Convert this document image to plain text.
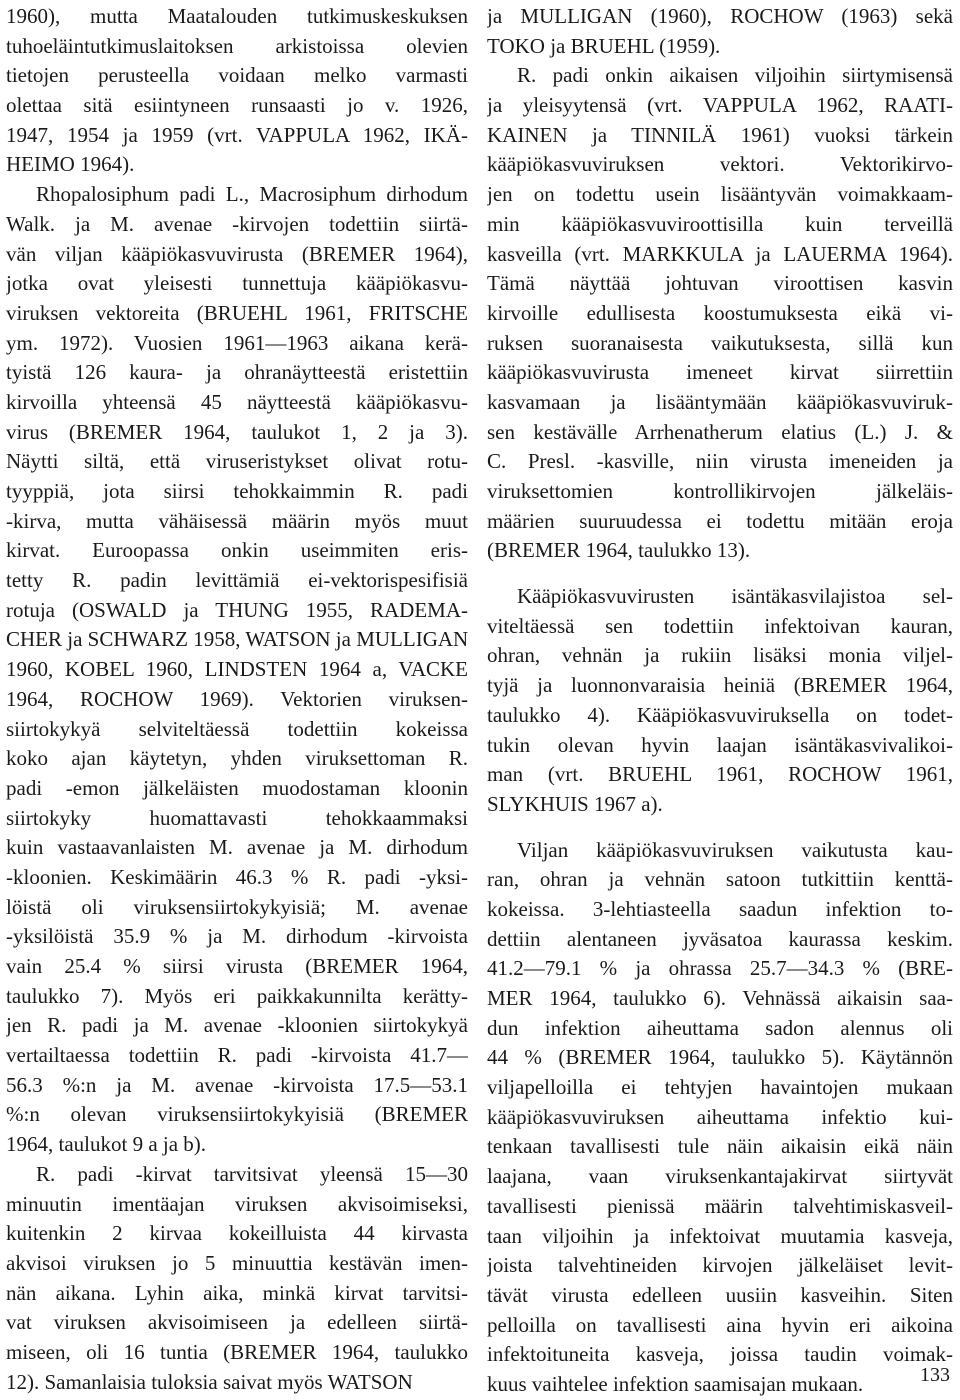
1960), mutta Maatalouden tutkimuskeskuksen
tuhoeläintutkimuslaitoksen arkistoissa olevien
tietojen perusteella voidaan melko varmasti
olettaa sitä esiintyneen runsaasti jo v. 1926,
1947, 1954 ja 1959 (vrt. VAPPULA 1962, IKÄ-
HEIMO 1964).
Rhopalosiphum padi L., Macrosiphum dirhodum
Walk. ja M. avenae -kirvojen todettiin siirtä-
vän viljan kääpiökasvuvirusta (BREMER 1964),
jotka ovat yleisesti tunnettuja kääpiökasvu-
viruksen vektoreita (BRUEHL 1961, FRITSCHE
ym. 1972). Vuosien 1961—1963 aikana kerä-
tyistä 126 kaura- ja ohranäytteestä eristettiin
kirvoilla yhteensä 45 näytteestä kääpiökasvu-
virus (BREMER 1964, taulukot 1, 2 ja 3).
Näytti siltä, että viruseristykset olivat rotu-
tyyppiä, jota siirsi tehokkaimmin R. padi
-kirva, mutta vähäisessä määrin myös muut
kirvat. Euroopassa onkin useimmiten eris-
tetty R. padin levittämiä ei-vektorispesifisiä
rotuja (OSWALD ja THUNG 1955, RADEMA-
CHER ja SCHWARZ 1958, WATSON ja MULLIGAN
1960, KOBEL 1960, LINDSTEN 1964 a, VACKE
1964, ROCHOW 1969). Vektorien viruksen-
siirtokykyä selviteltäessä todettiin kokeissa
koko ajan käytetyn, yhden viruksettoman R.
padi -emon jälkeläisten muodostaman kloonin
siirtokyky huomattavasti tehokkaammaksi
kuin vastaavanlaisten M. avenae ja M. dirhodum
-kloonien. Keskimäärin 46.3 % R. padi -yksi-
löistä oli viruksensiirtokykyisiä; M. avenae
-yksilöistä 35.9 % ja M. dirhodum -kirvoista
vain 25.4 % siirsi virusta (BREMER 1964,
taulukko 7). Myös eri paikkakunnilta kerätty-
jen R. padi ja M. avenae -kloonien siirtokykyä
vertailtaessa todettiin R. padi -kirvoista 41.7—
56.3 %:n ja M. avenae -kirvoista 17.5—53.1
%:n olevan viruksensiirtokykyisiä (BREMER
1964, taulukot 9 a ja b).
R. padi -kirvat tarvitsivat yleensä 15—30
minuutin imentäajan viruksen akvisoimiseksi,
kuitenkin 2 kirvaa kokeilluista 44 kirvasta
akvisoi viruksen jo 5 minuuttia kestävän imen-
nän aikana. Lyhin aika, minkä kirvat tarvitsi-
vat viruksen akvisoimiseen ja edelleen siirtä-
miseen, oli 16 tuntia (BREMER 1964, taulukko
12). Samanlaisia tuloksia saivat myös WATSON
ja MULLIGAN (1960), ROCHOW (1963) sekä
TOKO ja BRUEHL (1959).
R. padi onkin aikaisen viljoihin siirtymisensä
ja yleisyytensä (vrt. VAPPULA 1962, RAATI-
KAINEN ja TINNILÄ 1961) vuoksi tärkein
kääpiökasvuviruksen vektori. Vektorikirvo-
jen on todettu usein lisääntyvän voimakkaam-
min kääpiökasvuviroottisilla kuin terveillä
kasveilla (vrt. MARKKULA ja LAUERMA 1964).
Tämä näyttää johtuvan viroottisen kasvin
kirvoille edullisesta koostumuksesta eikä vi-
ruksen suoranaisesta vaikutuksesta, sillä kun
kääpiökasvuvirusta imeneet kirvat siirrettiin
kasvamaan ja lisääntymään kääpiökasvuviruk-
sen kestävälle Arrhenatherum elatius (L.) J. &
C. Presl. -kasville, niin virusta imeneiden ja
viruksettomien kontrollikirvojen jälkeläis-
määrien suuruudessa ei todettu mitään eroja
(BREMER 1964, taulukko 13).
Kääpiökasvuvirusten isäntäkasvilajistoa sel-
viteltäessä sen todettiin infektoivan kauran,
ohran, vehnän ja rukiin lisäksi monia viljel-
tyjä ja luonnonvaraisia heiniä (BREMER 1964,
taulukko 4). Kääpiökasvuviruksella on todet-
tukin olevan hyvin laajan isäntäkasvivalikoi-
man (vrt. BRUEHL 1961, ROCHOW 1961,
SLYKHUIS 1967 a).
Viljan kääpiökasvuviruksen vaikutusta kau-
ran, ohran ja vehnän satoon tutkittiin kenttä-
kokeissa. 3-lehtiasteella saadun infektion to-
dettiin alentaneen jyväsatoa kaurassa keskim.
41.2—79.1 % ja ohrassa 25.7—34.3 % (BRE-
MER 1964, taulukko 6). Vehnässä aikaisin saa-
dun infektion aiheuttama sadon alennus oli
44 % (BREMER 1964, taulukko 5). Käytännön
viljapelloilla ei tehtyjen havaintojen mukaan
kääpiökasvuviruksen aiheuttama infektio kui-
tenkaan tavallisesti tule näin aikaisin eikä näin
laajana, vaan viruksenkantajakirvat siirtyvät
tavallisesti pienissä määrin talvehtimiskasveil-
taan viljoihin ja infektoivat muutamia kasveja,
joista talvehtineiden kirvojen jälkeläiset levit-
tävät virusta edelleen uusiin kasveihin. Siten
pelloilla on tavallisesti aina hyvin eri aikoina
infektoituneita kasveja, joissa taudin voimak-
kuus vaihtelee infektion saamisajan mukaan.	133
